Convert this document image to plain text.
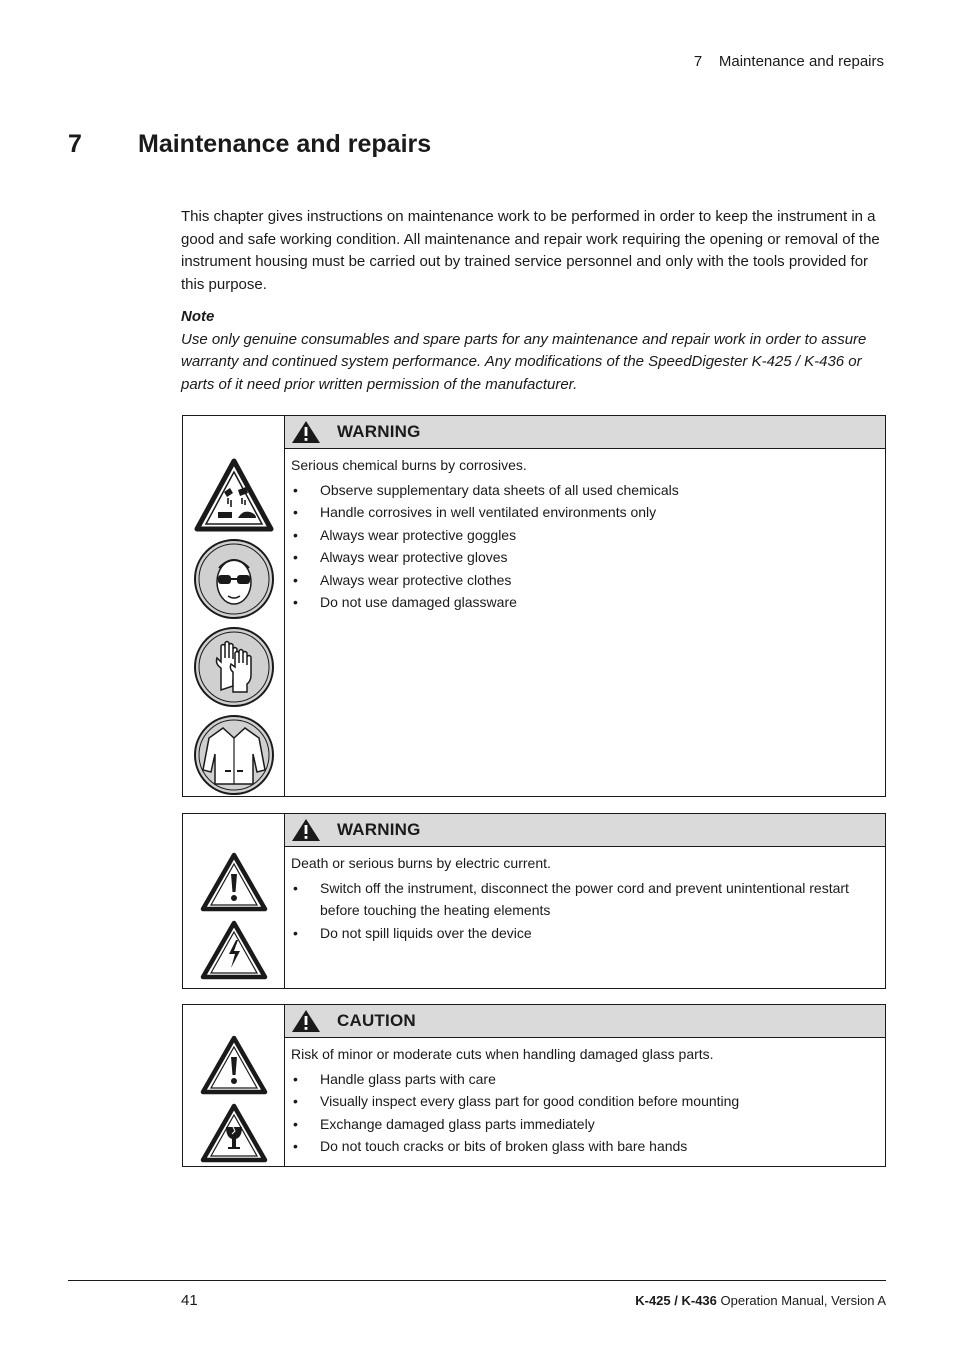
7    Maintenance and repairs
7 Maintenance and repairs

This chapter gives instructions on maintenance work to be performed in order to keep the instrument in a good and safe working condition. All maintenance and repair work requiring the opening or removal of the instrument housing must be carried out by trained service personnel and only with the tools provided for this purpose.

Note
Use only genuine consumables and spare parts for any maintenance and repair work in order to assure warranty and continued system performance. Any modifications of the SpeedDigester K-425 / K-436 or parts of it need prior written permission of the manufacturer.
WARNING
Serious chemical burns by corrosives.
• Observe supplementary data sheets of all used chemicals
• Handle corrosives in well ventilated environments only
• Always wear protective goggles
• Always wear protective gloves
• Always wear protective clothes
• Do not use damaged glassware
WARNING
Death or serious burns by electric current.
• Switch off the instrument, disconnect the power cord and prevent unintentional restart before touching the heating elements
• Do not spill liquids over the device
CAUTION
Risk of minor or moderate cuts when handling damaged glass parts.
• Handle glass parts with care
• Visually inspect every glass part for good condition before mounting
• Exchange damaged glass parts immediately
• Do not touch cracks or bits of broken glass with bare hands
41	K-425 / K-436 Operation Manual, Version A
